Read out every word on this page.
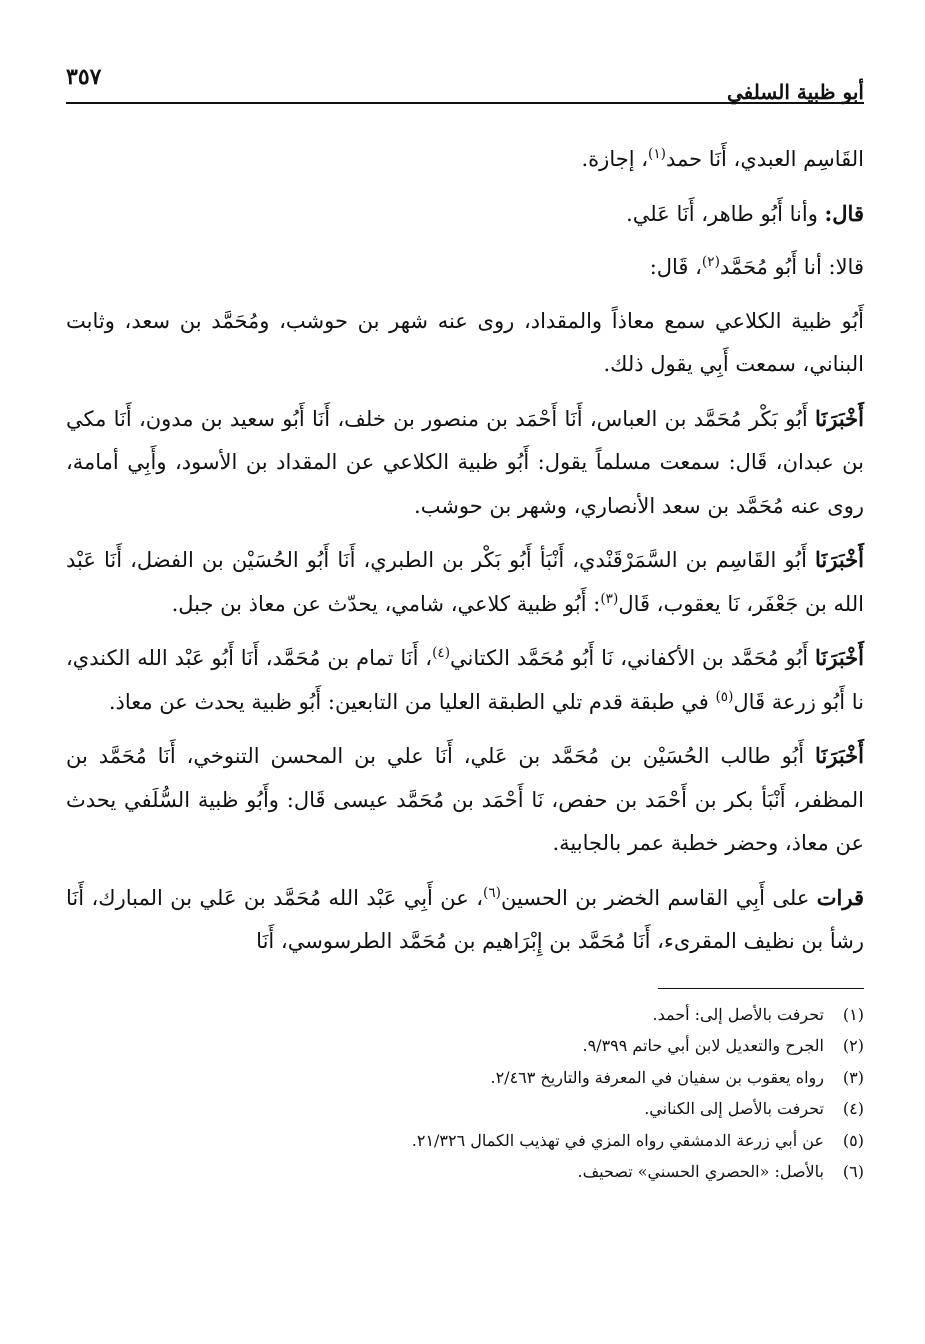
أبو ظبية السلفي
٣٥٧

القَاسِم العبدي، أَنَا حمد$^{(١)}$، إجازة.

قال: وأنا أَبُو طاهر، أَنَا عَلي.

قالا: أنا أَبُو مُحَمَّد$^{(٢)}$، قَال:

أَبُو ظبية الكلاعي سمع معاذاً والمقداد، روى عنه شهر بن حوشب، ومُحَمَّد بن سعد، وثابت البناني، سمعت أَبِي يقول ذلك.

أَخْبَرَنَا أَبُو بَكْر مُحَمَّد بن العباس، أَنَا أَحْمَد بن منصور بن خلف، أَنَا أَبُو سعيد بن مدون، أَنَا مكي بن عبدان، قَال: سمعت مسلماً يقول: أَبُو ظبية الكلاعي عن المقداد بن الأسود، وأَبِي أمامة، روى عنه مُحَمَّد بن سعد الأنصاري، وشهر بن حوشب.

أَخْبَرَنَا أَبُو القَاسِم بن السَّمَرْقَنْدي، أَنْبَأ أَبُو بَكْر بن الطبري، أَنَا أَبُو الحُسَيْن بن الفضل، أَنَا عَبْد الله بن جَعْفَر، نَا يعقوب، قَال$^{(٣)}$: أَبُو ظبية كلاعي، شامي، يحدّث عن معاذ بن جبل.

أَخْبَرَنَا أَبُو مُحَمَّد بن الأكفاني، نَا أَبُو مُحَمَّد الكتاني$^{(٤)}$، أَنَا تمام بن مُحَمَّد، أَنَا أَبُو عَبْد الله الكندي، نا أَبُو زرعة قَال$^{(٥)}$ في طبقة قدم تلي الطبقة العليا من التابعين: أَبُو ظبية يحدث عن معاذ.

أَخْبَرَنَا أَبُو طالب الحُسَيْن بن مُحَمَّد بن عَلي، أَنَا علي بن المحسن التنوخي، أَنَا مُحَمَّد بن المظفر، أَنْبَأ بكر بن أَحْمَد بن حفص، نَا أَحْمَد بن مُحَمَّد عيسى قَال: وأَبُو ظبية السُّلَفي يحدث عن معاذ، وحضر خطبة عمر بالجابية.

قرات على أَبِي القاسم الخضر بن الحسين$^{(٦)}$، عن أَبِي عَبْد الله مُحَمَّد بن عَلي بن المبارك، أَنَا رشأ بن نظيف المقرىء، أَنَا مُحَمَّد بن إِبْرَاهيم بن مُحَمَّد الطرسوسي، أَنَا

(١)
تحرفت بالأصل إلى: أحمد.
(٢)
الجرح والتعديل لابن أبي حاتم ٩/٣٩٩.
(٣)
رواه يعقوب بن سفيان في المعرفة والتاريخ ٢/٤٦٣.
(٤)
تحرفت بالأصل إلى الكناني.
(٥)
عن أبي زرعة الدمشقي رواه المزي في تهذيب الكمال ٢١/٣٢٦.
(٦)
بالأصل: «الحصري الحسني» تصحيف.
